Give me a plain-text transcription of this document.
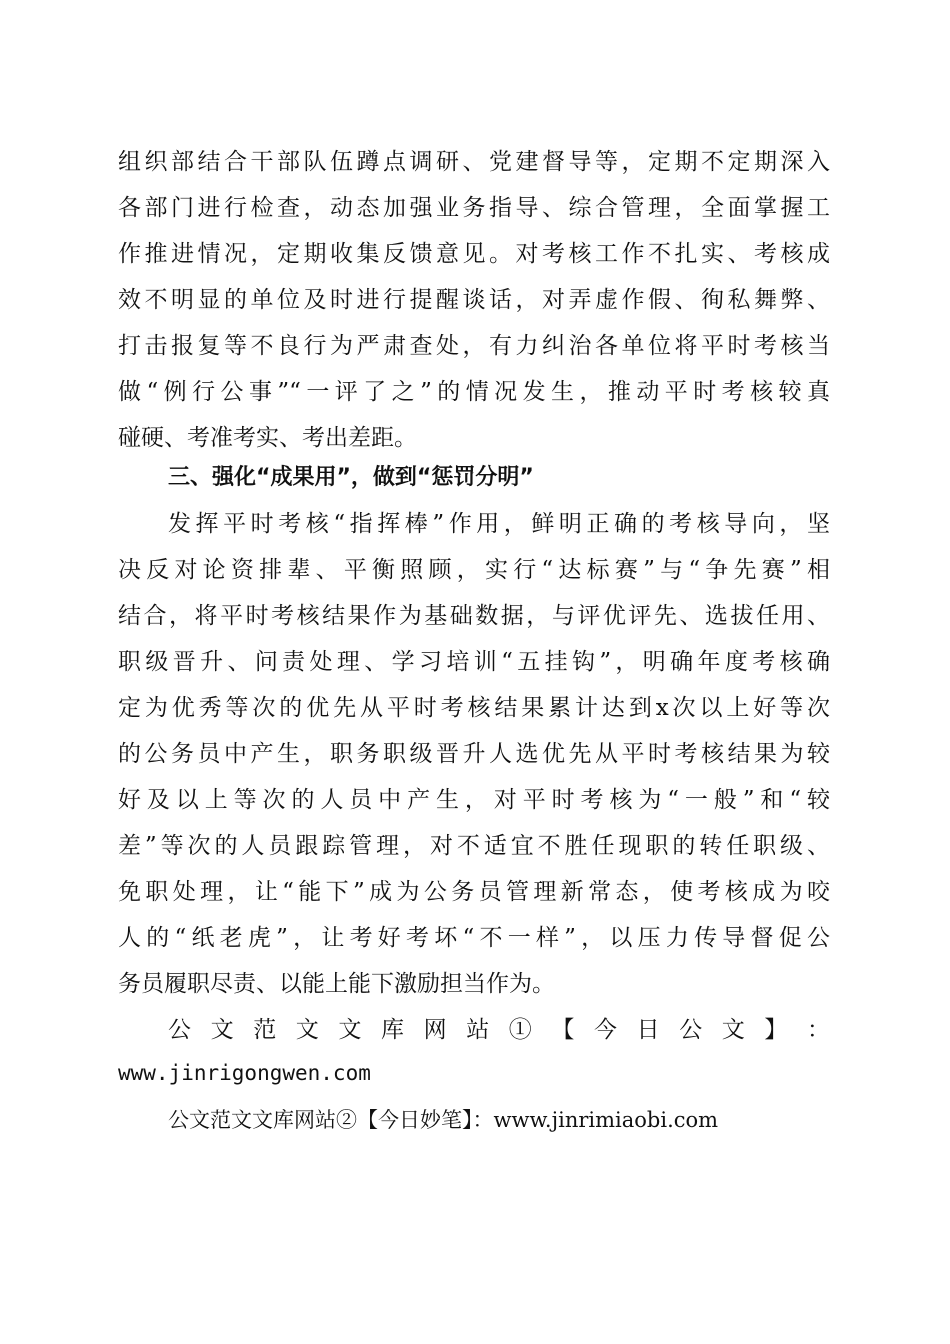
组织部结合干部队伍蹲点调研、党建督导等，定期不定期深入
各部门进行检查，动态加强业务指导、综合管理，全面掌握工
作推进情况，定期收集反馈意见。对考核工作不扎实、考核成
效不明显的单位及时进行提醒谈话，对弄虚作假、徇私舞弊、
打击报复等不良行为严肃查处，有力纠治各单位将平时考核当
做“例行公事”“一评了之”的情况发生，推动平时考核较真
碰硬、考准考实、考出差距。
三、强化“成果用”，做到“惩罚分明”
发挥平时考核“指挥棒”作用，鲜明正确的考核导向，坚
决反对论资排辈、平衡照顾，实行“达标赛”与“争先赛”相
结合，将平时考核结果作为基础数据，与评优评先、选拔任用、
职级晋升、问责处理、学习培训“五挂钩”，明确年度考核确
定为优秀等次的优先从平时考核结果累计达到x次以上好等次
的公务员中产生，职务职级晋升人选优先从平时考核结果为较
好及以上等次的人员中产生，对平时考核为“一般”和“较
差”等次的人员跟踪管理，对不适宜不胜任现职的转任职级、
免职处理，让“能下”成为公务员管理新常态，使考核成为咬
人的“纸老虎”，让考好考坏“不一样”，以压力传导督促公
务员履职尽责、以能上能下激励担当作为。
公 文 范 文 文 库 网 站 ① 【 今 日 公 文 】 ：
www.jinrigongwen.com
公文范文文库网站②【今日妙笔】：www.jinrimiaobi.com
